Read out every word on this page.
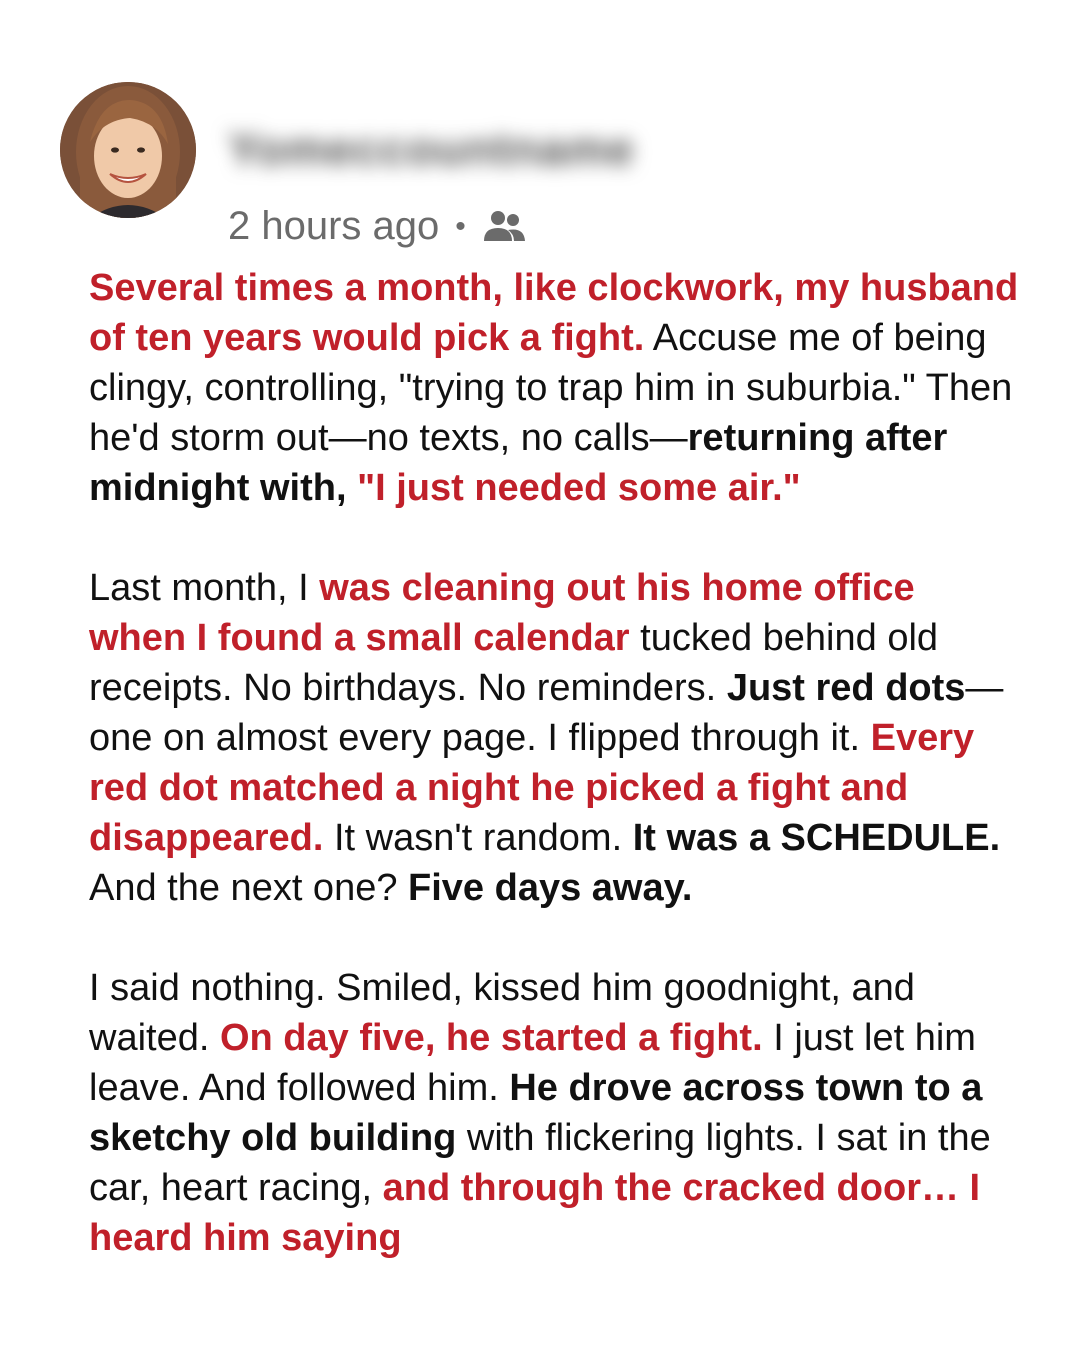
Yomeccountname
2 hours ago •

Several times a month, like clockwork, my husband of ten years would pick a fight. Accuse me of being clingy, controlling, "trying to trap him in suburbia." Then he'd storm out—no texts, no calls—returning after midnight with, "I just needed some air."

Last month, I was cleaning out his home office when I found a small calendar tucked behind old receipts. No birthdays. No reminders. Just red dots—one on almost every page. I flipped through it. Every red dot matched a night he picked a fight and disappeared. It wasn't random. It was a SCHEDULE. And the next one? Five days away.

I said nothing. Smiled, kissed him goodnight, and waited. On day five, he started a fight. I just let him leave. And followed him. He drove across town to a sketchy old building with flickering lights. I sat in the car, heart racing, and through the cracked door… I heard him saying
